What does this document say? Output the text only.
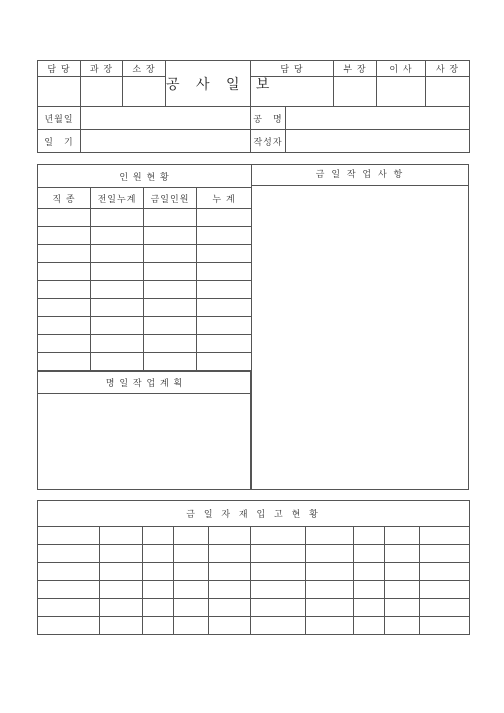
담 당	과 장	소 장	공 사 일 보	담 당		부 장	이 사	사 장

년월일				공　명				
일　기				작성자				
인 원 현 황			
직 종	전일누계	금일인원	누 계

명 일 작 업 계 획			
금 일 작 업 사 항
금 일 자 재 입 고 현 황									
